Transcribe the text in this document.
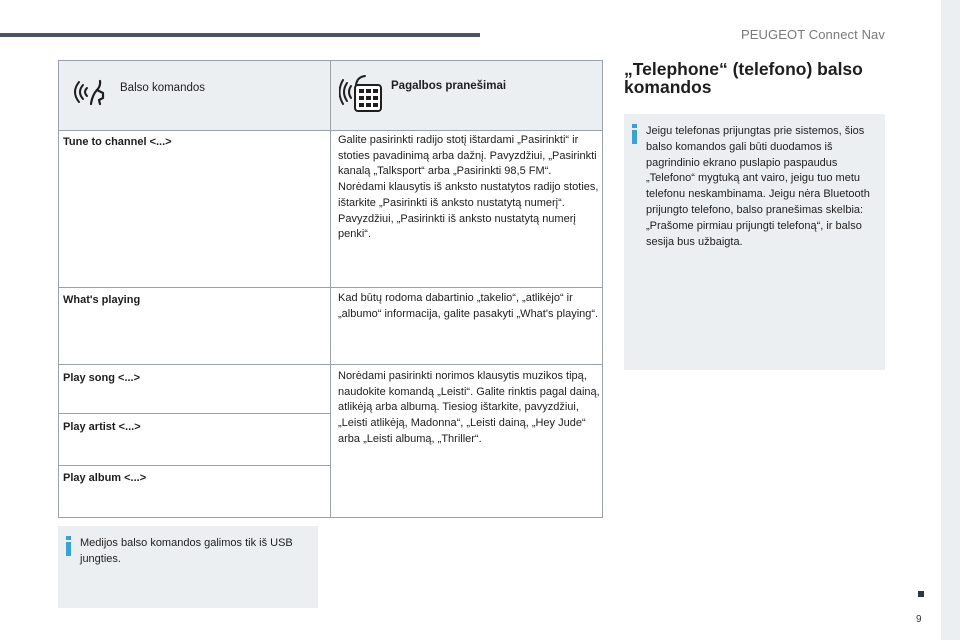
PEUGEOT Connect Nav
9
Balso komandos	Pagalbos pranešimai
Tune to channel <...>	Galite pasirinkti radijo stotį ištardami „Pasirinkti“ ir stoties pavadinimą arba dažnį. Pavyzdžiui, „Pasirinkti kanalą „Talksport“ arba „Pasirinkti 98,5 FM“. Norėdami klausytis iš anksto nustatytos radijo stoties, ištarkite „Pasirinkti iš anksto nustatytą numerį“. Pavyzdžiui, „Pasirinkti iš anksto nustatytą numerį penki“.
What's playing	Kad būtų rodoma dabartinio „takelio“, „atlikėjo“ ir „albumo“ informacija, galite pasakyti „What's playing“.
Play song <...>	Norėdami pasirinkti norimos klausytis muzikos tipą, naudokite komandą „Leisti“. Galite rinktis pagal dainą, atlikėją arba albumą. Tiesiog ištarkite, pavyzdžiui, „Leisti atlikėją, Madonna“, „Leisti dainą, „Hey Jude“ arba „Leisti albumą, „Thriller“.
Play artist <...>
Play album <...>
Medijos balso komandos galimos tik iš USB jungties.
„Telephone“ (telefono) balso komandos
Jeigu telefonas prijungtas prie sistemos, šios balso komandos gali būti duodamos iš pagrindinio ekrano puslapio paspaudus „Telefono“ mygtuką ant vairo, jeigu tuo metu telefonu neskambinama. Jeigu nėra Bluetooth prijungto telefono, balso pranešimas skelbia: „Prašome pirmiau prijungti telefoną“, ir balso sesija bus užbaigta.
